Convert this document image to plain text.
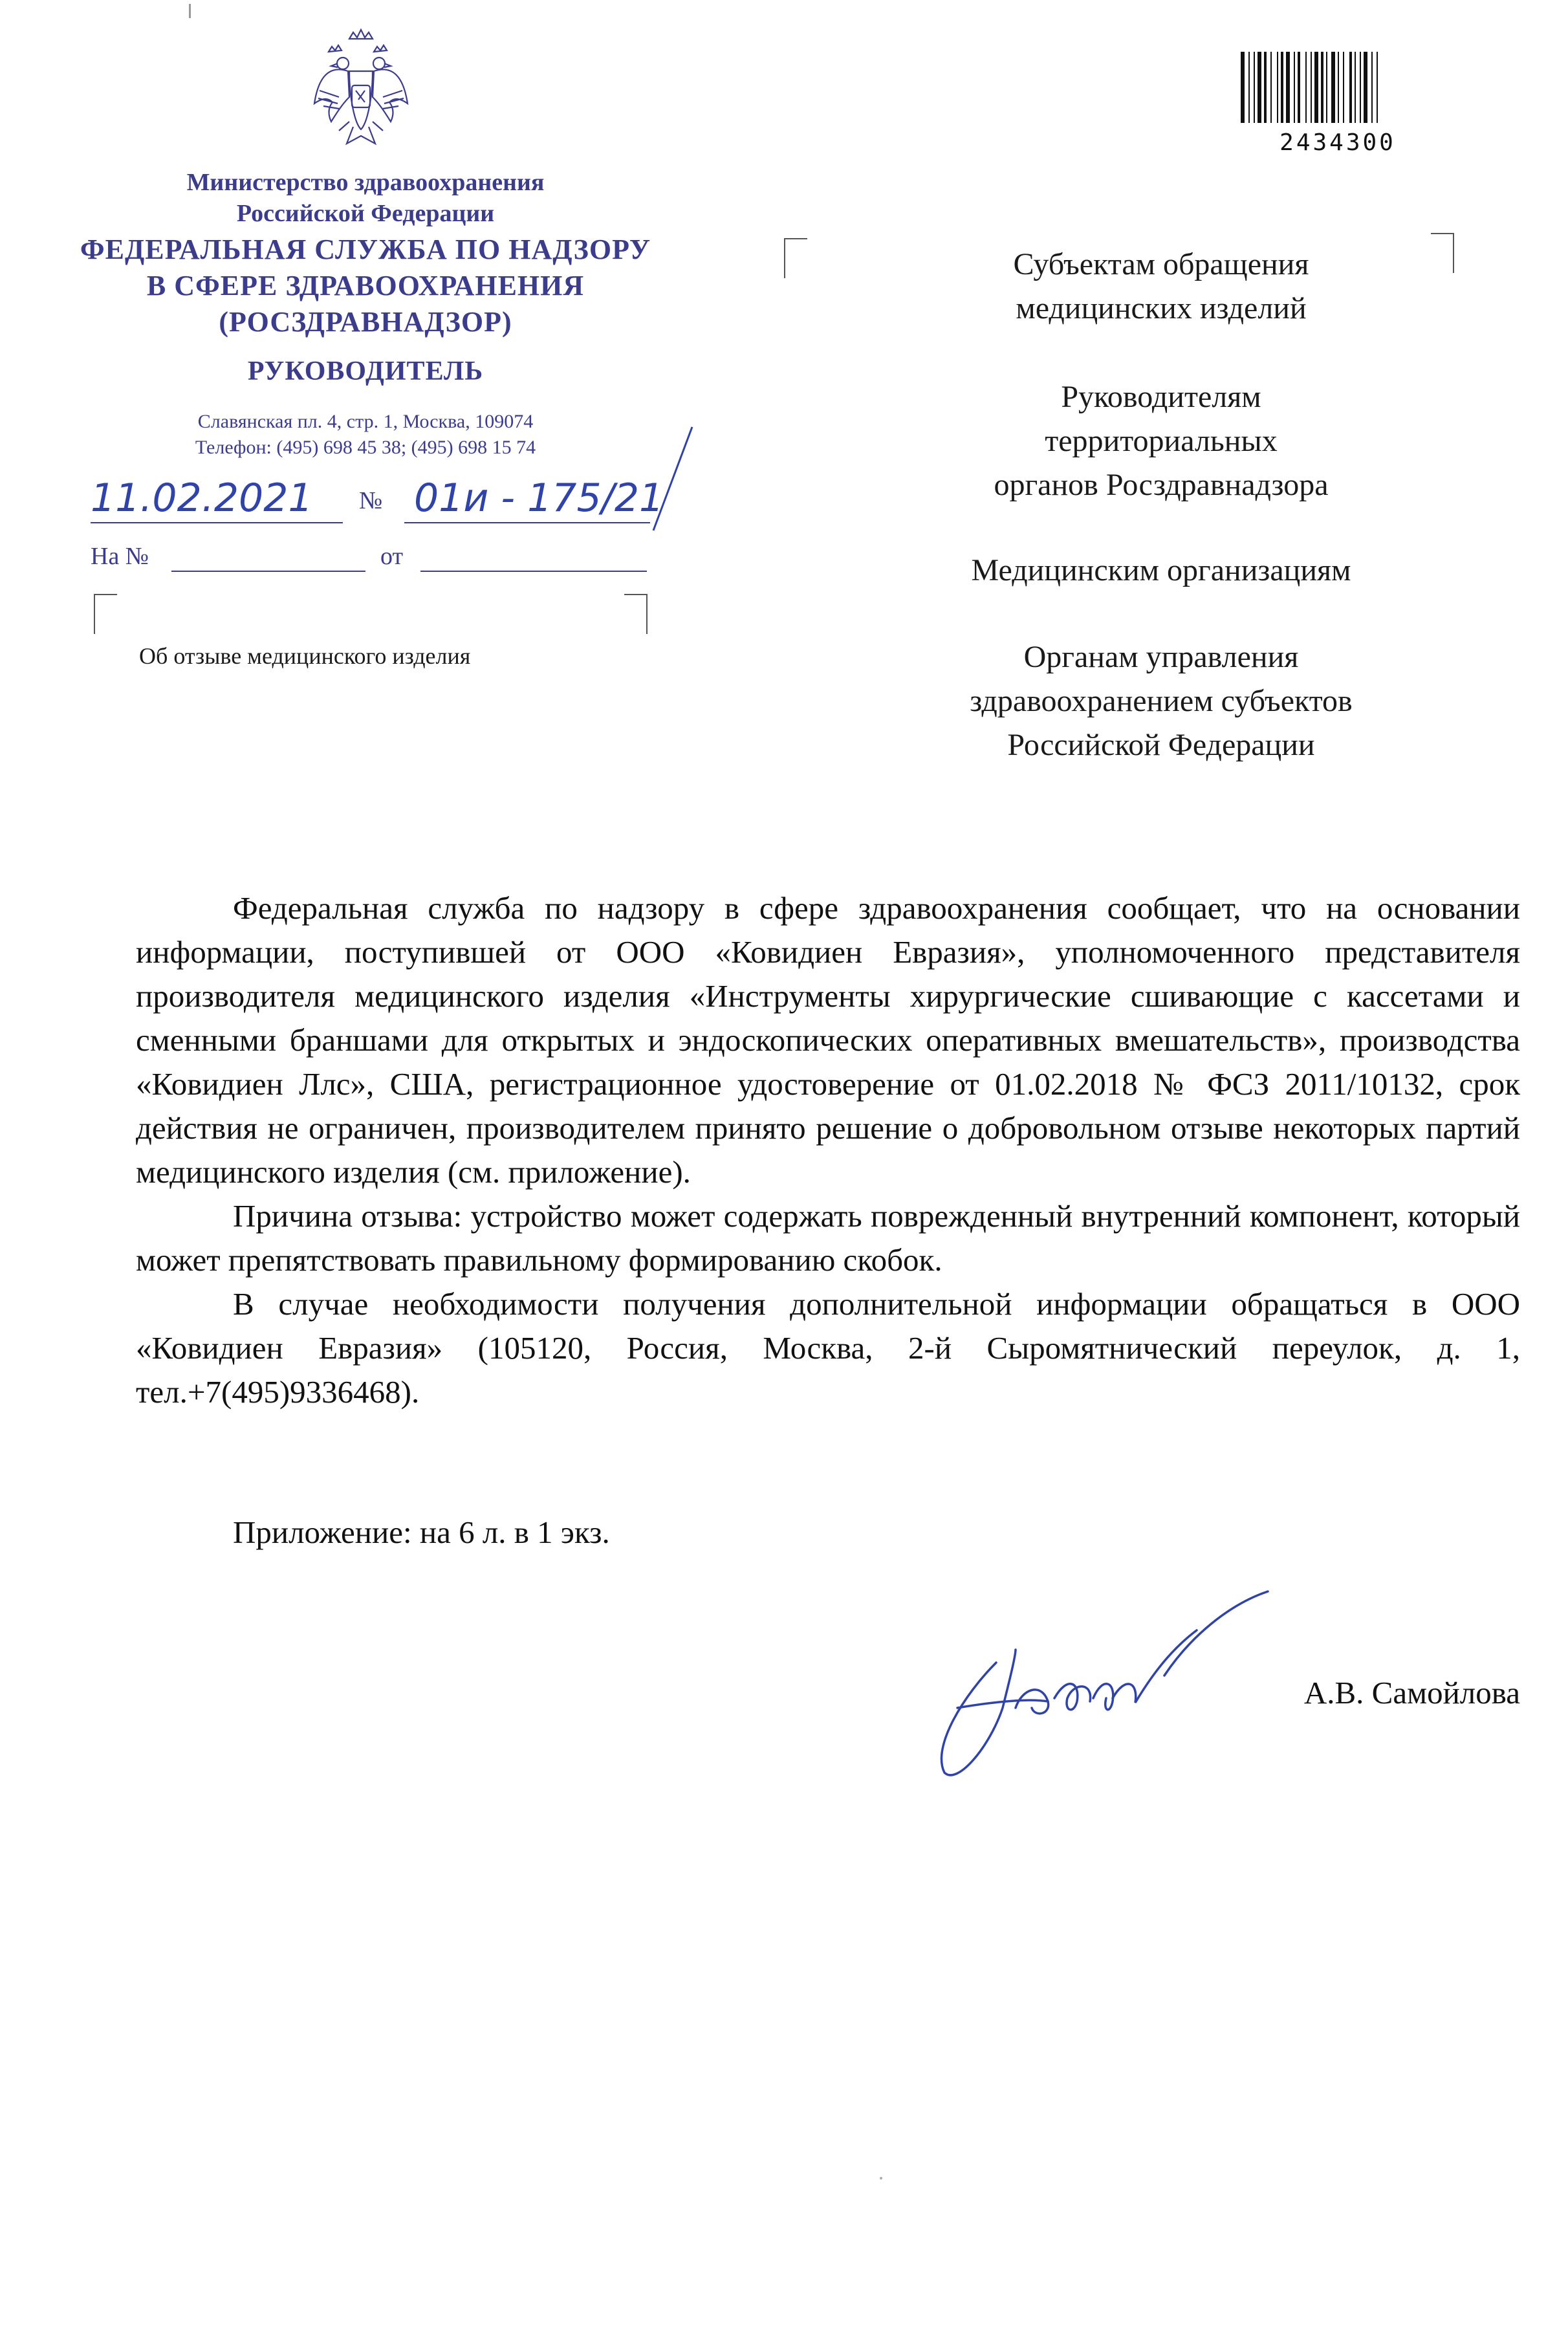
Министерство здравоохранения
Российской Федерации
ФЕДЕРАЛЬНАЯ СЛУЖБА ПО НАДЗОРУ
В СФЕРЕ ЗДРАВООХРАНЕНИЯ
(РОСЗДРАВНАДЗОР)
РУКОВОДИТЕЛЬ
Славянская пл. 4, стр. 1, Москва, 109074
Телефон: (495) 698 45 38; (495) 698 15 74
11.02.2021 № 01и - 175/21
На №	от
Об отзыве медицинского изделия
2434300
Субъектам обращения
медицинских изделий
Руководителям
территориальных
органов Росздравнадзора
Медицинским организациям
Органам управления
здравоохранением субъектов
Российской Федерации

Федеральная служба по надзору в сфере здравоохранения сообщает, что на основании информации, поступившей от ООО «Ковидиен Евразия», уполномоченного представителя производителя медицинского изделия «Инструменты хирургические сшивающие с кассетами и сменными браншами для открытых и эндоскопических оперативных вмешательств», производства «Ковидиен Ллс», США, регистрационное удостоверение от 01.02.2018 № ФСЗ 2011/10132, срок действия не ограничен, производителем принято решение о добровольном отзыве некоторых партий медицинского изделия (см. приложение).

Причина отзыва: устройство может содержать поврежденный внутренний компонент, который может препятствовать правильному формированию скобок.

В случае необходимости получения дополнительной информации обращаться в ООО «Ковидиен Евразия» (105120, Россия, Москва, 2-й Сыромятнический переулок, д. 1, тел.+7(495)9336468).

Приложение: на 6 л. в 1 экз.
А.В. Самойлова
